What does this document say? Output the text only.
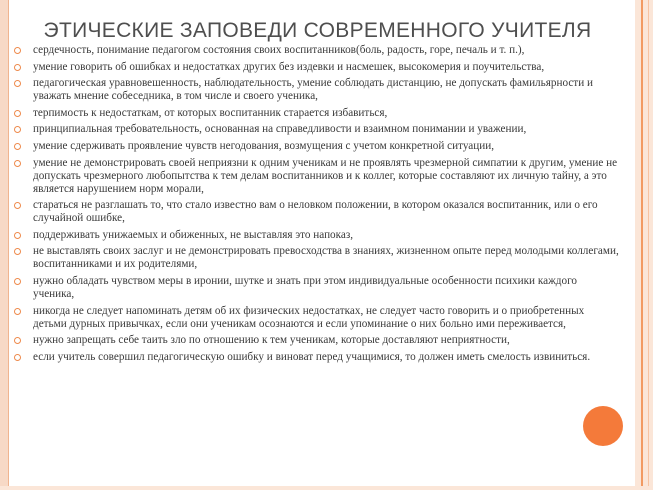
ЭТИЧЕСКИЕ ЗАПОВЕДИ СОВРЕМЕННОГО УЧИТЕЛЯ
сердечность, понимание педагогом состояния своих воспитанников(боль, радость, горе, печаль и т. п.),
умение говорить об ошибках и недостатках других без издевки и насмешек, высокомерия и поучительства,
педагогическая уравновешенность, наблюдательность, умение соблюдать дистанцию, не допускать фамильярности и уважать мнение собеседника, в том числе и своего ученика,
терпимость к недостаткам, от которых воспитанник старается избавиться,
принципиальная требовательность, основанная на справедливости и взаимном понимании и уважении,
умение сдерживать проявление чувств негодования, возмущения с учетом конкретной ситуации,
умение не демонстрировать своей неприязни к одним ученикам и не проявлять чрезмерной симпатии к другим, умение не допускать чрезмерного любопытства к тем делам воспитанников и к коллег, которые составляют их личную тайну, а это является нарушением норм морали,
стараться не разглашать то, что стало известно вам о неловком положении, в котором оказался воспитанник, или о его случайной ошибке,
поддерживать унижаемых и обиженных, не выставляя это напоказ,
не выставлять своих заслуг и не демонстрировать превосходства в знаниях, жизненном опыте перед молодыми коллегами, воспитанниками и их родителями,
нужно обладать чувством меры в иронии, шутке и знать при этом индивидуальные особенности психики каждого ученика,
никогда не следует напоминать детям об их физических недостатках, не следует часто говорить и о приобретенных детьми дурных привычках, если они ученикам осознаются и если упоминание о них больно ими переживается,
нужно запрещать себе таить зло по отношению к тем ученикам, которые доставляют неприятности,
если учитель совершил педагогическую ошибку и виноват перед учащимися, то должен иметь смелость извиниться.
